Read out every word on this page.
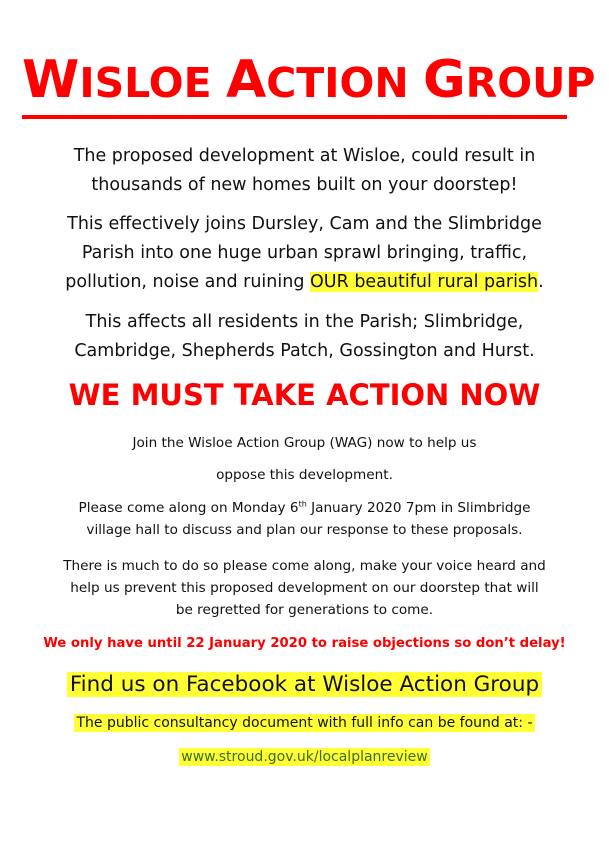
WISLOE ACTION GROUP
The proposed development at Wisloe, could result in
thousands of new homes built on your doorstep!
This effectively joins Dursley, Cam and the Slimbridge
Parish into one huge urban sprawl bringing, traffic,
pollution, noise and ruining OUR beautiful rural parish.
This affects all residents in the Parish; Slimbridge,
Cambridge, Shepherds Patch, Gossington and Hurst.
WE MUST TAKE ACTION NOW
Join the Wisloe Action Group (WAG) now to help us
oppose this development.
Please come along on Monday 6th January 2020 7pm in Slimbridge
village hall to discuss and plan our response to these proposals.
There is much to do so please come along, make your voice heard and
help us prevent this proposed development on our doorstep that will
be regretted for generations to come.
We only have until 22 January 2020 to raise objections so don’t delay!
Find us on Facebook at Wisloe Action Group
The public consultancy document with full info can be found at: -
www.stroud.gov.uk/localplanreview
